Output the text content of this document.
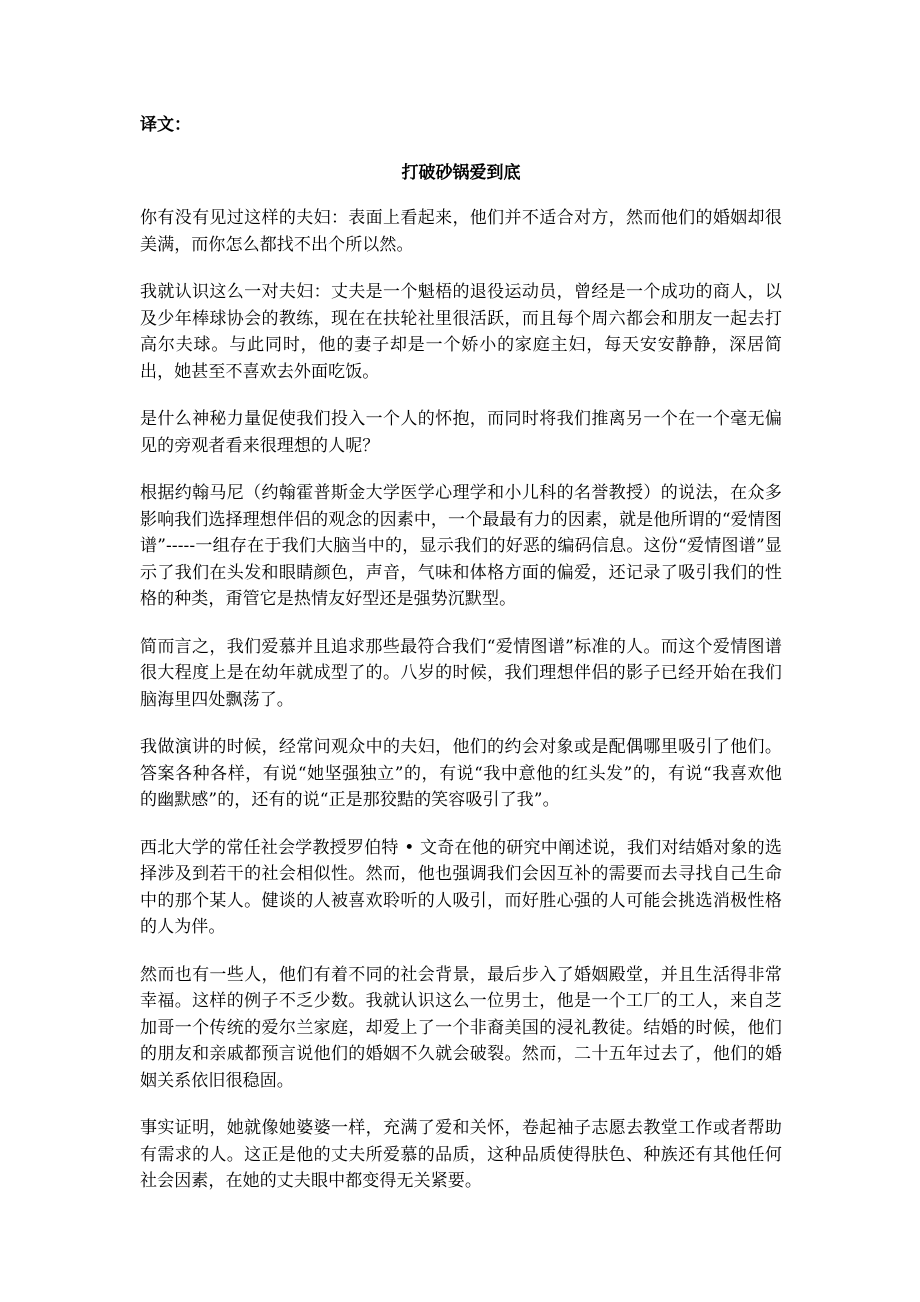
译文：
打破砂锅爱到底

你有没有见过这样的夫妇：表面上看起来，他们并不适合对方，然而他们的婚姻却很美满，而你怎么都找不出个所以然。

我就认识这么一对夫妇：丈夫是一个魁梧的退役运动员，曾经是一个成功的商人，以及少年棒球协会的教练，现在在扶轮社里很活跃，而且每个周六都会和朋友一起去打高尔夫球。与此同时，他的妻子却是一个娇小的家庭主妇，每天安安静静，深居简出，她甚至不喜欢去外面吃饭。

是什么神秘力量促使我们投入一个人的怀抱，而同时将我们推离另一个在一个毫无偏见的旁观者看来很理想的人呢？

根据约翰马尼（约翰霍普斯金大学医学心理学和小儿科的名誉教授）的说法，在众多影响我们选择理想伴侣的观念的因素中，一个最最有力的因素，就是他所谓的“爱情图谱”-----一组存在于我们大脑当中的，显示我们的好恶的编码信息。这份“爱情图谱”显示了我们在头发和眼睛颜色，声音，气味和体格方面的偏爱，还记录了吸引我们的性格的种类，甭管它是热情友好型还是强势沉默型。

简而言之，我们爱慕并且追求那些最符合我们“爱情图谱”标准的人。而这个爱情图谱很大程度上是在幼年就成型了的。八岁的时候，我们理想伴侣的影子已经开始在我们脑海里四处飘荡了。

我做演讲的时候，经常问观众中的夫妇，他们的约会对象或是配偶哪里吸引了他们。答案各种各样，有说“她坚强独立”的，有说“我中意他的红头发”的，有说“我喜欢他的幽默感”的，还有的说“正是那狡黠的笑容吸引了我”。

西北大学的常任社会学教授罗伯特 • 文奇在他的研究中阐述说，我们对结婚对象的选择涉及到若干的社会相似性。然而，他也强调我们会因互补的需要而去寻找自己生命中的那个某人。健谈的人被喜欢聆听的人吸引，而好胜心强的人可能会挑选消极性格的人为伴。

然而也有一些人，他们有着不同的社会背景，最后步入了婚姻殿堂，并且生活得非常幸福。这样的例子不乏少数。我就认识这么一位男士，他是一个工厂的工人，来自芝加哥一个传统的爱尔兰家庭，却爱上了一个非裔美国的浸礼教徒。结婚的时候，他们的朋友和亲戚都预言说他们的婚姻不久就会破裂。然而，二十五年过去了，他们的婚姻关系依旧很稳固。

事实证明，她就像她婆婆一样，充满了爱和关怀，卷起袖子志愿去教堂工作或者帮助有需求的人。这正是他的丈夫所爱慕的品质，这种品质使得肤色、种族还有其他任何社会因素，在她的丈夫眼中都变得无关紧要。
